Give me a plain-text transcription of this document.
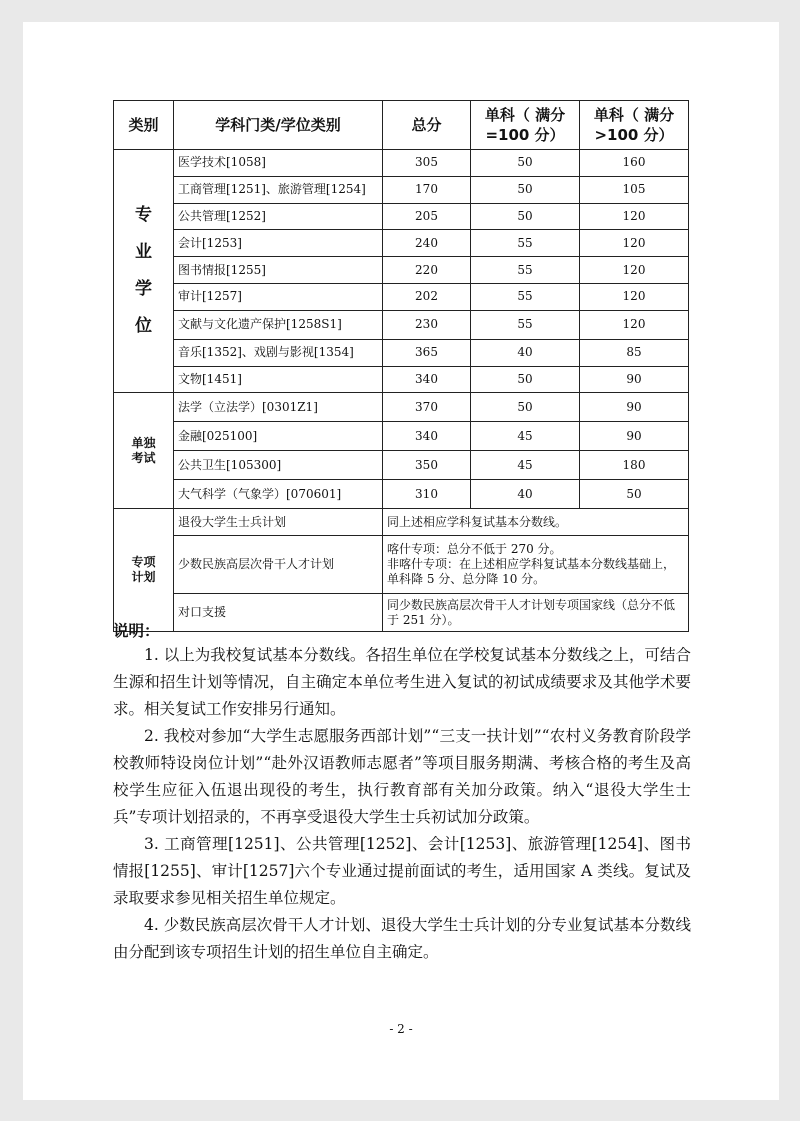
类别	学科门类/学位类别	总分	单科（ 满分=100 分）	单科（ 满分>100 分）

专
业
学
位	医学技术[1058]	305	50	160
	工商管理[1251]、旅游管理[1254]	170	50	105
	公共管理[1252]	205	50	120
	会计[1253]	240	55	120
	图书情报[1255]	220	55	120
	审计[1257]	202	55	120
	文献与文化遗产保护[1258S1]	230	55	120
	音乐[1352]、戏剧与影视[1354]	365	40	85
	文物[1451]	340	50	90

单独
考试	法学（立法学）[0301Z1]	370	50	90
	金融[025100]	340	45	90
	公共卫生[105300]	350	45	180
	大气科学（气象学）[070601]	310	40	50

专项
计划	退役大学生士兵计划	同上述相应学科复试基本分数线。		
	少数民族高层次骨干人才计划	喀什专项：总分不低于 270 分。
非喀什专项：在上述相应学科复试基本分数线基础上，单科降 5 分、总分降 10 分。		

	对口支援	同少数民族高层次骨干人才计划专项国家线（总分不低于 251 分）。		
说明：

1. 以上为我校复试基本分数线。各招生单位在学校复试基本分数线之上，可结合生源和招生计划等情况，自主确定本单位考生进入复试的初试成绩要求及其他学术要求。相关复试工作安排另行通知。

2. 我校对参加“大学生志愿服务西部计划”“三支一扶计划”“农村义务教育阶段学校教师特设岗位计划”“赴外汉语教师志愿者”等项目服务期满、考核合格的考生及高校学生应征入伍退出现役的考生，执行教育部有关加分政策。纳入“退役大学生士兵”专项计划招录的，不再享受退役大学生士兵初试加分政策。

3. 工商管理[1251]、公共管理[1252]、会计[1253]、旅游管理[1254]、图书情报[1255]、审计[1257]六个专业通过提前面试的考生，适用国家 A 类线。复试及录取要求参见相关招生单位规定。

4. 少数民族高层次骨干人才计划、退役大学生士兵计划的分专业复试基本分数线由分配到该专项招生计划的招生单位自主确定。

- 2 -
